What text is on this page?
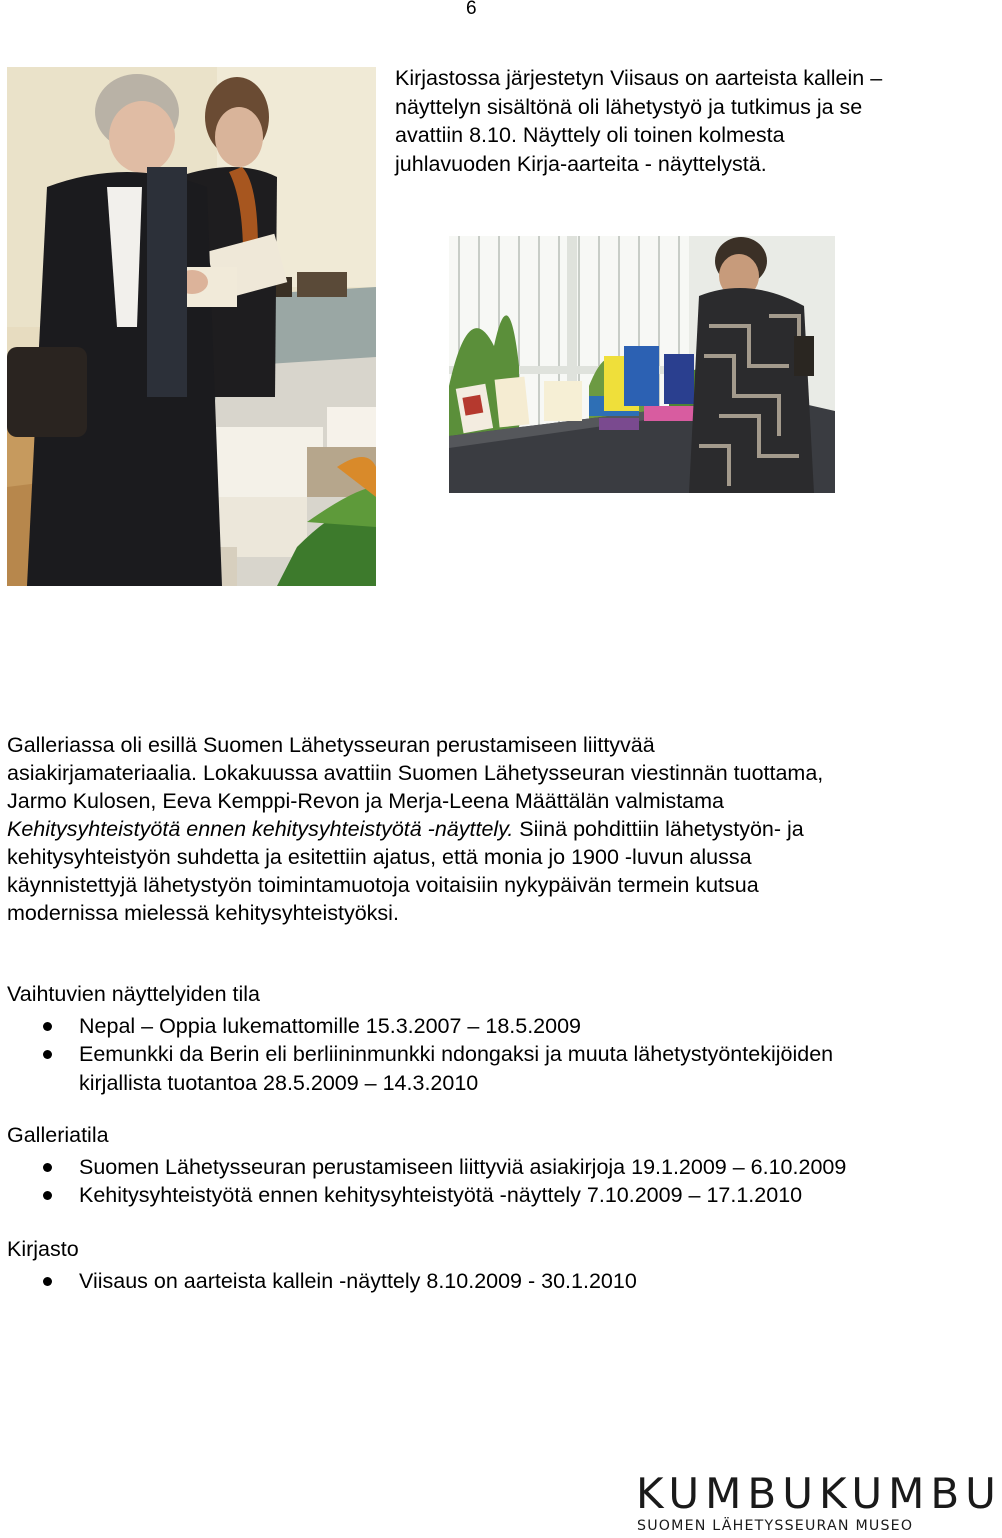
6
Kirjastossa järjestetyn Viisaus on aarteista kallein –
näyttelyn sisältönä oli lähetystyö ja tutkimus ja se
avattiin 8.10. Näyttely oli toinen kolmesta
juhlavuoden Kirja-aarteita - näyttelystä.
Galleriassa oli esillä Suomen Lähetysseuran perustamiseen liittyvää
asiakirjamateriaalia. Lokakuussa avattiin Suomen Lähetysseuran viestinnän tuottama,
Jarmo Kulosen, Eeva Kemppi-Revon ja Merja-Leena Määttälän valmistama
Kehitysyhteistyötä ennen kehitysyhteistyötä -näyttely. Siinä pohdittiin lähetystyön- ja
kehitysyhteistyön suhdetta ja esitettiin ajatus, että monia jo 1900 -luvun alussa
käynnistettyjä lähetystyön toimintamuotoja voitaisiin nykypäivän termein kutsua
modernissa mielessä kehitysyhteistyöksi.
Vaihtuvien näyttelyiden tila
Nepal – Oppia lukemattomille 15.3.2007 – 18.5.2009
Eemunkki da Berin eli berliininmunkki ndongaksi ja muuta lähetystyöntekijöiden
kirjallista tuotantoa 28.5.2009 – 14.3.2010
Galleriatila
Suomen Lähetysseuran perustamiseen liittyviä asiakirjoja 19.1.2009 – 6.10.2009
Kehitysyhteistyötä ennen kehitysyhteistyötä -näyttely 7.10.2009 – 17.1.2010
Kirjasto
Viisaus on aarteista kallein -näyttely 8.10.2009 - 30.1.2010
KUMBUKUMBU
SUOMEN LÄHETYSSEURAN MUSEO
